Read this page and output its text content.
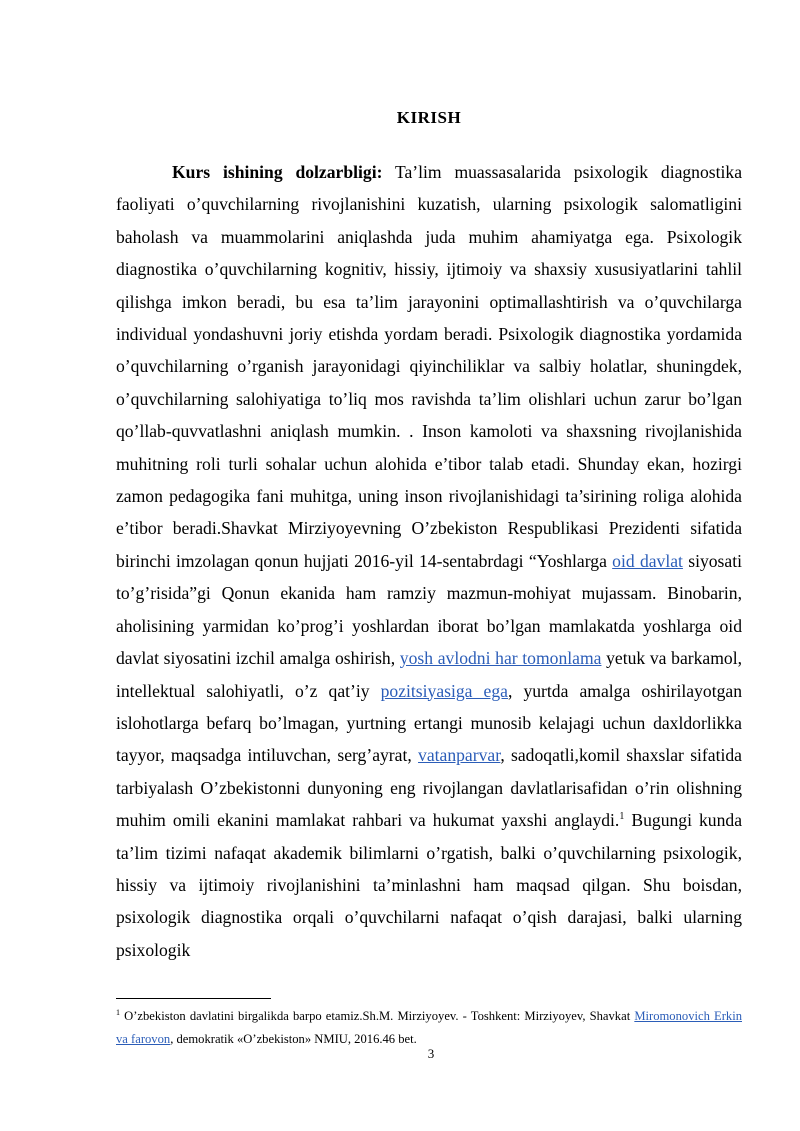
KIRISH

Kurs ishining dolzarbligi: Ta’lim muassasalarida psixologik diagnostika faoliyati o’quvchilarning rivojlanishini kuzatish, ularning psixologik salomatligini baholash va muammolarini aniqlashda juda muhim ahamiyatga ega. Psixologik diagnostika o’quvchilarning kognitiv, hissiy, ijtimoiy va shaxsiy xususiyatlarini tahlil qilishga imkon beradi, bu esa ta’lim jarayonini optimallashtirish va o’quvchilarga individual yondashuvni joriy etishda yordam beradi. Psixologik diagnostika yordamida o’quvchilarning o’rganish jarayonidagi qiyinchiliklar va salbiy holatlar, shuningdek, o’quvchilarning salohiyatiga to’liq mos ravishda ta’lim olishlari uchun zarur bo’lgan qo’llab-quvvatlashni aniqlash mumkin. . Inson kamoloti va shaxsning rivojlanishida muhitning roli turli sohalar uchun alohida e’tibor talab etadi. Shunday ekan, hozirgi zamon pedagogika fani muhitga, uning inson rivojlanishidagi ta’sirining roliga alohida e’tibor beradi.Shavkat Mirziyoyevning O’zbekiston Respublikasi Prezidenti sifatida birinchi imzolagan qonun hujjati 2016-yil 14-sentabrdagi “Yoshlarga oid davlat siyosati to’g’risida”gi Qonun ekanida ham ramziy mazmun-mohiyat mujassam. Binobarin, aholisining yarmidan ko’prog’i yoshlardan iborat bo’lgan mamlakatda yoshlarga oid davlat siyosatini izchil amalga oshirish, yosh avlodni har tomonlama yetuk va barkamol, intellektual salohiyatli, o’z qat’iy pozitsiyasiga ega, yurtda amalga oshirilayotgan islohotlarga befarq bo’lmagan, yurtning ertangi munosib kelajagi uchun daxldorlikka tayyor, maqsadga intiluvchan, serg’ayrat, vatanparvar, sadoqatli,komil shaxslar sifatida tarbiyalash O’zbekistonni dunyoning eng rivojlangan davlatlarisafidan o’rin olishning muhim omili ekanini mamlakat rahbari va hukumat yaxshi anglaydi.$^1$ Bugungi kunda ta’lim tizimi nafaqat akademik bilimlarni o’rgatish, balki o’quvchilarning psixologik, hissiy va ijtimoiy rivojlanishini ta’minlashni ham maqsad qilgan. Shu boisdan, psixologik diagnostika orqali o’quvchilarni nafaqat o’qish darajasi, balki ularning psixologik

$^1$ O’zbekiston davlatini birgalikda barpo etamiz.Sh.M. Mirziyoyev. - Toshkent: Mirziyoyev, Shavkat Miromonovich Erkin va farovon, demokratik «O’zbekiston» NMIU, 2016.46 bet.

3
